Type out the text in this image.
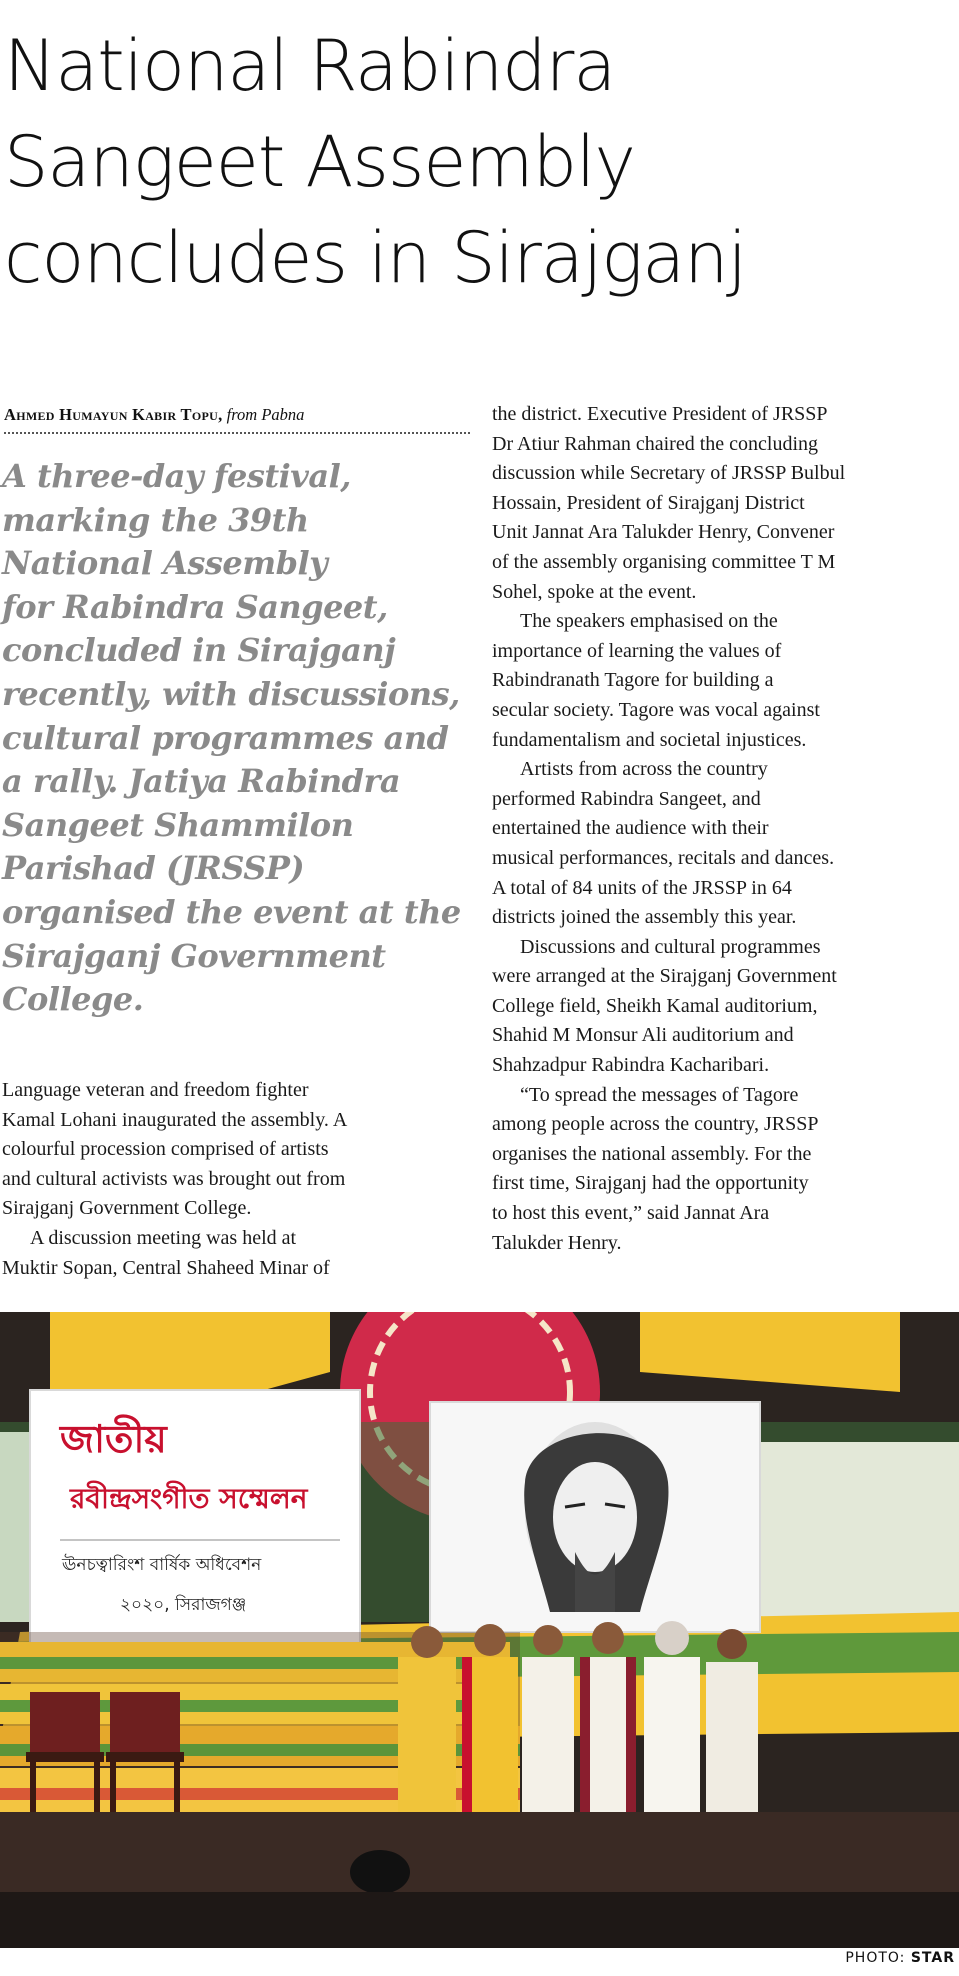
National Rabindra
Sangeet Assembly
concludes in Sirajganj
Ahmed Humayun Kabir Topu, from Pabna

A three-day festival,
marking the 39th
National Assembly
for Rabindra Sangeet,
concluded in Sirajganj
recently, with discussions,
cultural programmes and
a rally. Jatiya Rabindra
Sangeet Shammilon
Parishad (JRSSP)
organised the event at the
Sirajganj Government
College.

Language veteran and freedom fighter
Kamal Lohani inaugurated the assembly. A
colourful procession comprised of artists
and cultural activists was brought out from
Sirajganj Government College.
A discussion meeting was held at
Muktir Sopan, Central Shaheed Minar of
the district. Executive President of JRSSP
Dr Atiur Rahman chaired the concluding
discussion while Secretary of JRSSP Bulbul
Hossain, President of Sirajganj District
Unit Jannat Ara Talukder Henry, Convener
of the assembly organising committee T M
Sohel, spoke at the event.
The speakers emphasised on the
importance of learning the values of
Rabindranath Tagore for building a
secular society. Tagore was vocal against
fundamentalism and societal injustices.
Artists from across the country
performed Rabindra Sangeet, and
entertained the audience with their
musical performances, recitals and dances.
A total of 84 units of the JRSSP in 64
districts joined the assembly this year.
Discussions and cultural programmes
were arranged at the Sirajganj Government
College field, Sheikh Kamal auditorium,
Shahid M Monsur Ali auditorium and
Shahzadpur Rabindra Kacharibari.
“To spread the messages of Tagore
among people across the country, JRSSP
organises the national assembly. For the
first time, Sirajganj had the opportunity
to host this event,” said Jannat Ara
Talukder Henry.
জাতীয়
রবীন্দ্রসংগীত সম্মেলন
ঊনচত্বারিংশ বার্ষিক অধিবেশন
২০২০, সিরাজগঞ্জ
PHOTO: STAR
